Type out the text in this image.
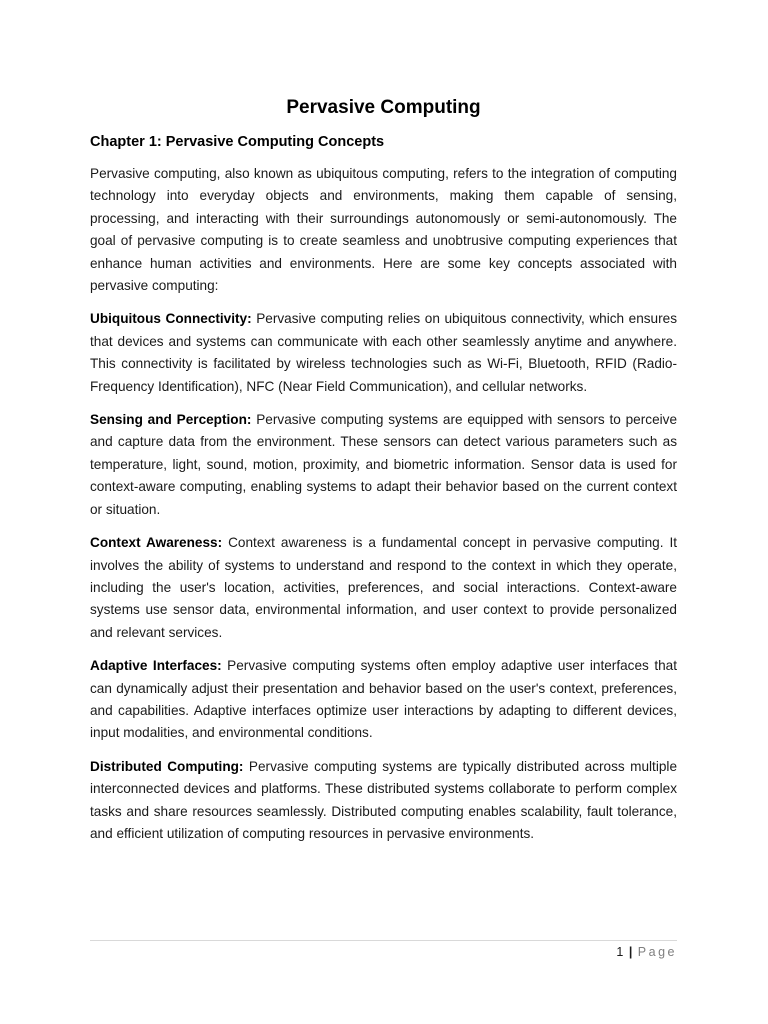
Pervasive Computing
Chapter 1: Pervasive Computing Concepts

Pervasive computing, also known as ubiquitous computing, refers to the integration of computing technology into everyday objects and environments, making them capable of sensing, processing, and interacting with their surroundings autonomously or semi-autonomously. The goal of pervasive computing is to create seamless and unobtrusive computing experiences that enhance human activities and environments. Here are some key concepts associated with pervasive computing:

Ubiquitous Connectivity: Pervasive computing relies on ubiquitous connectivity, which ensures that devices and systems can communicate with each other seamlessly anytime and anywhere. This connectivity is facilitated by wireless technologies such as Wi-Fi, Bluetooth, RFID (Radio-Frequency Identification), NFC (Near Field Communication), and cellular networks.

Sensing and Perception: Pervasive computing systems are equipped with sensors to perceive and capture data from the environment. These sensors can detect various parameters such as temperature, light, sound, motion, proximity, and biometric information. Sensor data is used for context-aware computing, enabling systems to adapt their behavior based on the current context or situation.

Context Awareness: Context awareness is a fundamental concept in pervasive computing. It involves the ability of systems to understand and respond to the context in which they operate, including the user's location, activities, preferences, and social interactions. Context-aware systems use sensor data, environmental information, and user context to provide personalized and relevant services.

Adaptive Interfaces: Pervasive computing systems often employ adaptive user interfaces that can dynamically adjust their presentation and behavior based on the user's context, preferences, and capabilities. Adaptive interfaces optimize user interactions by adapting to different devices, input modalities, and environmental conditions.

Distributed Computing: Pervasive computing systems are typically distributed across multiple interconnected devices and platforms. These distributed systems collaborate to perform complex tasks and share resources seamlessly. Distributed computing enables scalability, fault tolerance, and efficient utilization of computing resources in pervasive environments.

1 | Page
